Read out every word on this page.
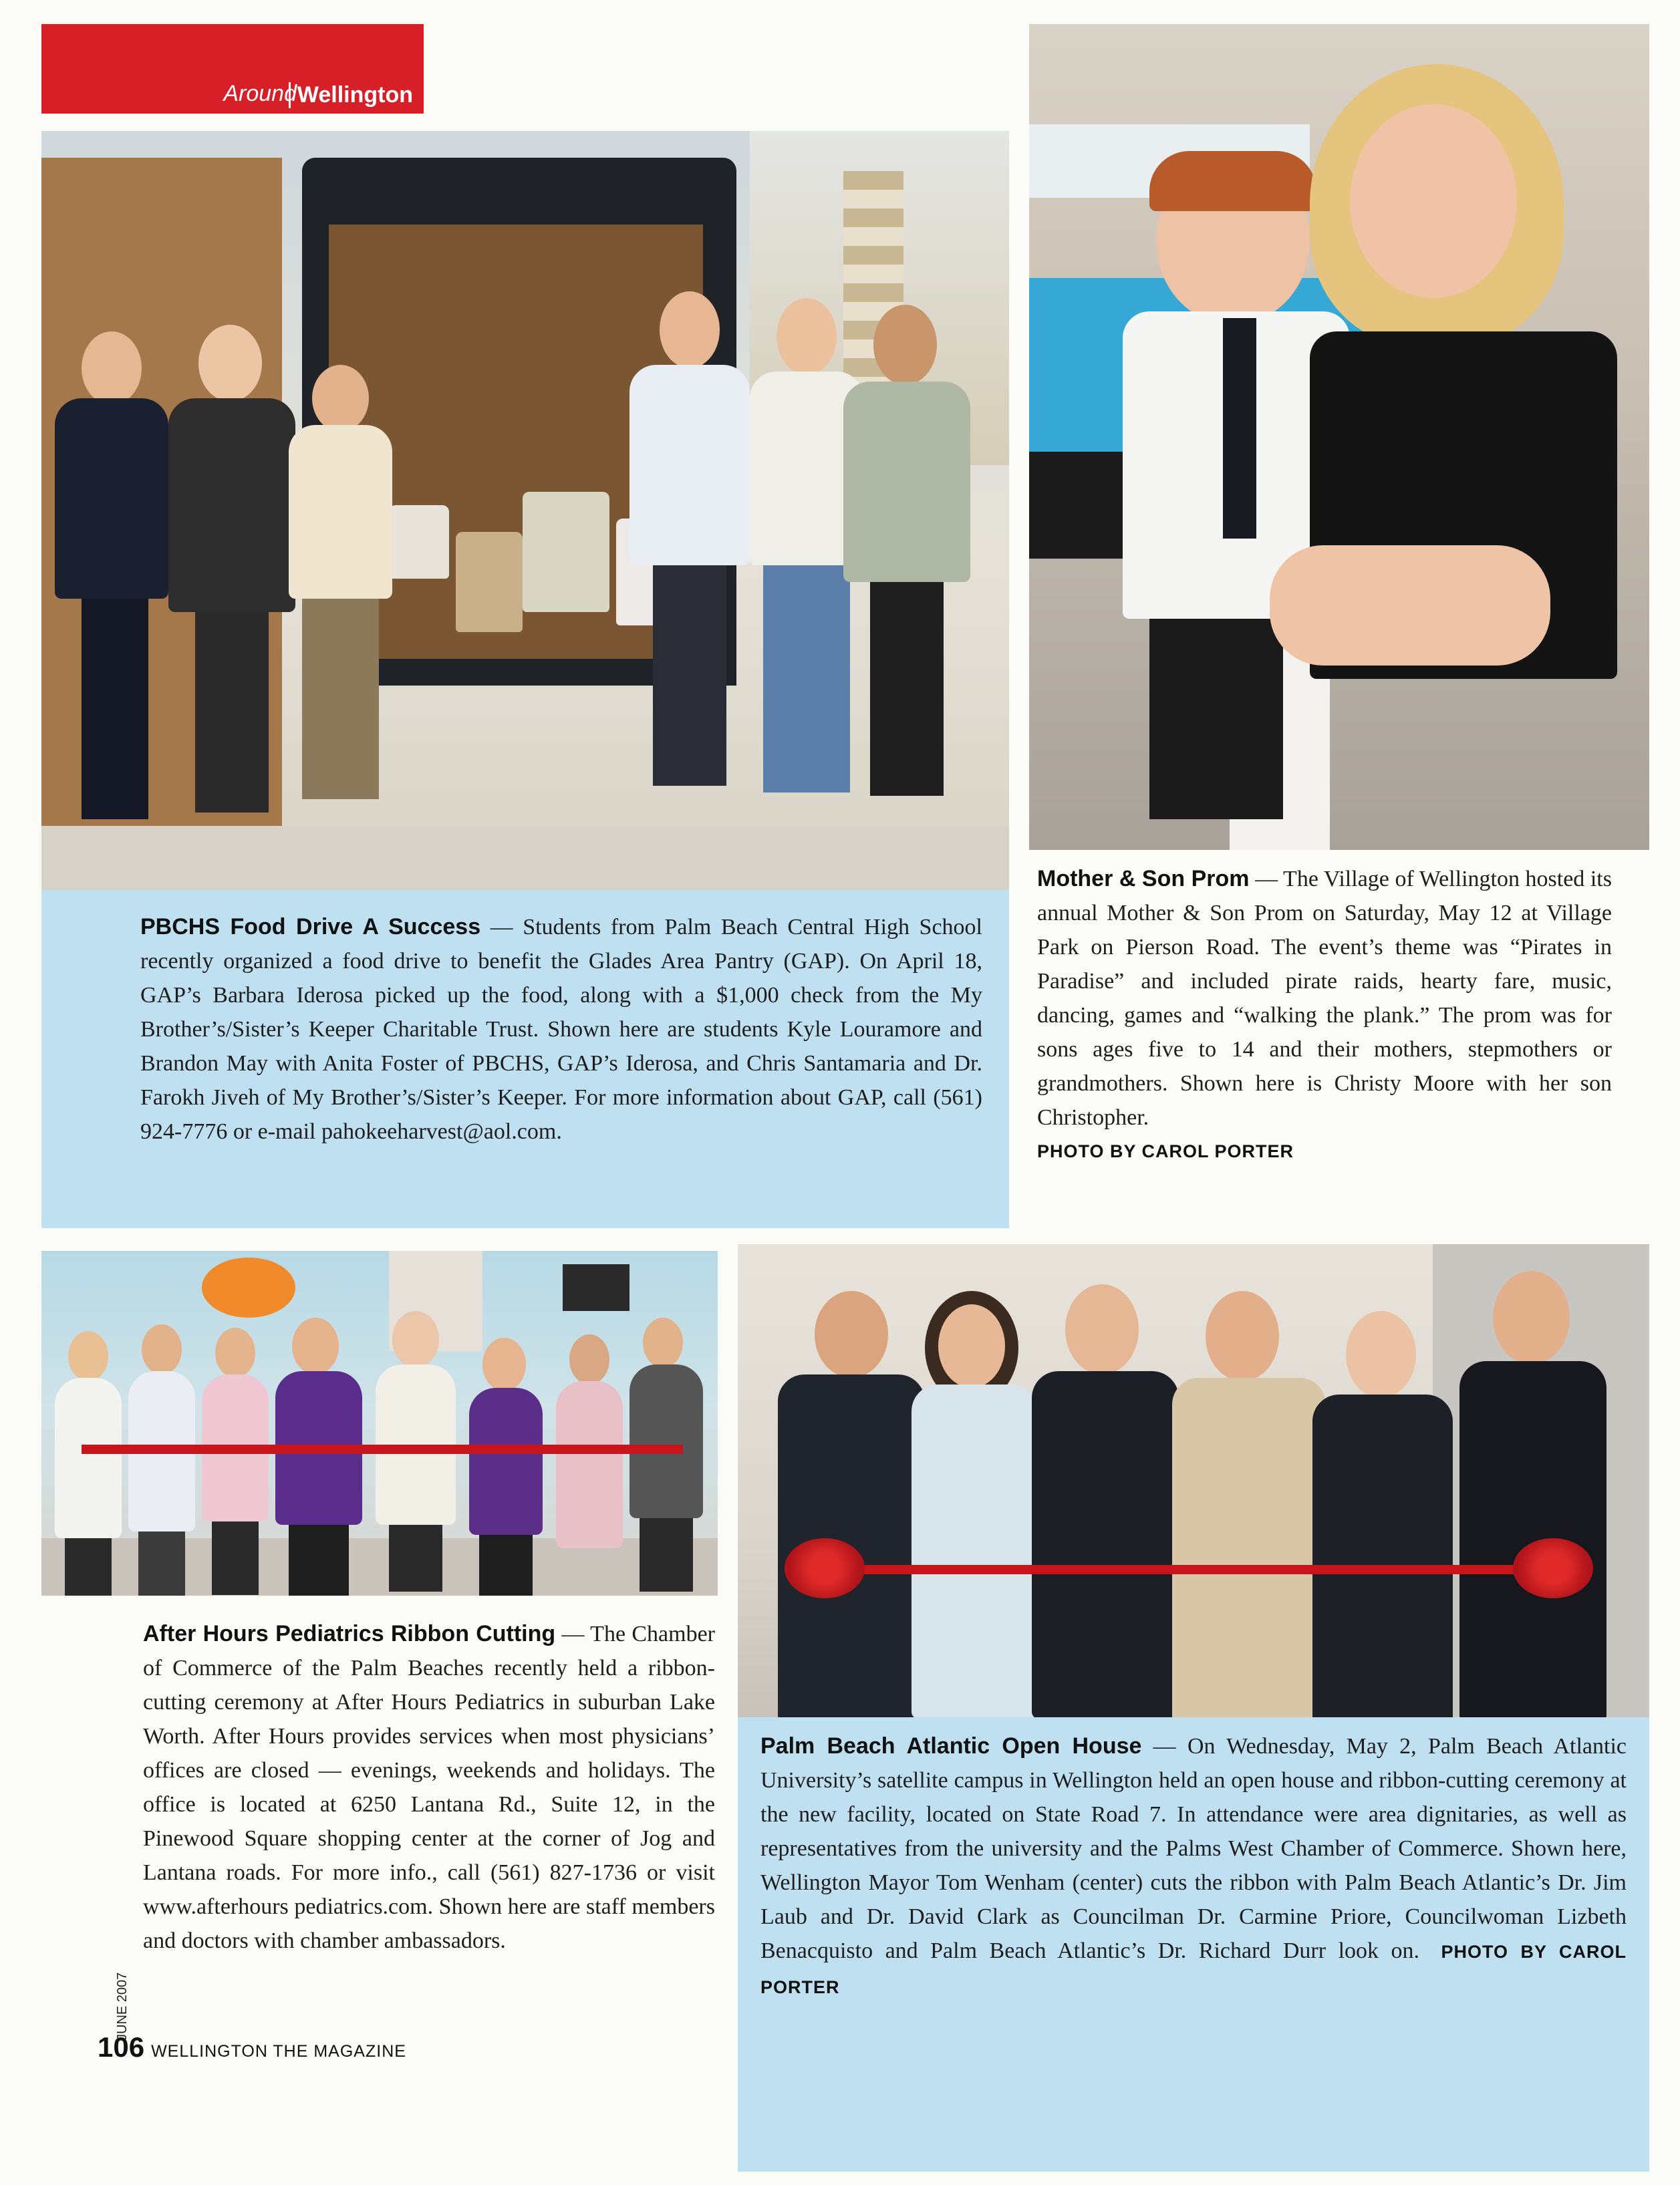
Around Wellington

PBCHS Food Drive A Success — Students from Palm Beach Central High School recently organized a food drive to benefit the Glades Area Pantry (GAP). On April 18, GAP’s Barbara Iderosa picked up the food, along with a $1,000 check from the My Brother’s/Sister’s Keeper Charitable Trust. Shown here are students Kyle Louramore and Brandon May with Anita Foster of PBCHS, GAP’s Iderosa, and Chris Santamaria and Dr. Farokh Jiveh of My Brother’s/Sister’s Keeper. For more information about GAP, call (561) 924-7776 or e-mail pahokeeharvest@aol.com.

Mother & Son Prom — The Village of Wellington hosted its annual Mother & Son Prom on Saturday, May 12 at Village Park on Pierson Road. The event’s theme was “Pirates in Paradise” and included pirate raids, hearty fare, music, dancing, games and “walking the plank.” The prom was for sons ages five to 14 and their mothers, stepmothers or grandmothers. Shown here is Christy Moore with her son Christopher.

PHOTO BY CAROL PORTER

After Hours Pediatrics Ribbon Cutting — The Chamber of Commerce of the Palm Beaches recently held a ribbon-cutting ceremony at After Hours Pediatrics in suburban Lake Worth. After Hours provides services when most physicians’ offices are closed — evenings, weekends and holidays. The office is located at 6250 Lantana Rd., Suite 12, in the Pinewood Square shopping center at the corner of Jog and Lantana roads. For more info., call (561) 827-1736 or visit www.afterhours pediatrics.com. Shown here are staff members and doctors with chamber ambassadors.

Palm Beach Atlantic Open House — On Wednesday, May 2, Palm Beach Atlantic University’s satellite campus in Wellington held an open house and ribbon-cutting ceremony at the new facility, located on State Road 7. In attendance were area dignitaries, as well as representatives from the university and the Palms West Chamber of Commerce. Shown here, Wellington Mayor Tom Wenham (center) cuts the ribbon with Palm Beach Atlantic’s Dr. Jim Laub and Dr. David Clark as Councilman Dr. Carmine Priore, Councilwoman Lizbeth Benacquisto and Palm Beach Atlantic’s Dr. Richard Durr look on. PHOTO BY CAROL PORTER

JUNE 2007
106 WELLINGTON THE MAGAZINE
